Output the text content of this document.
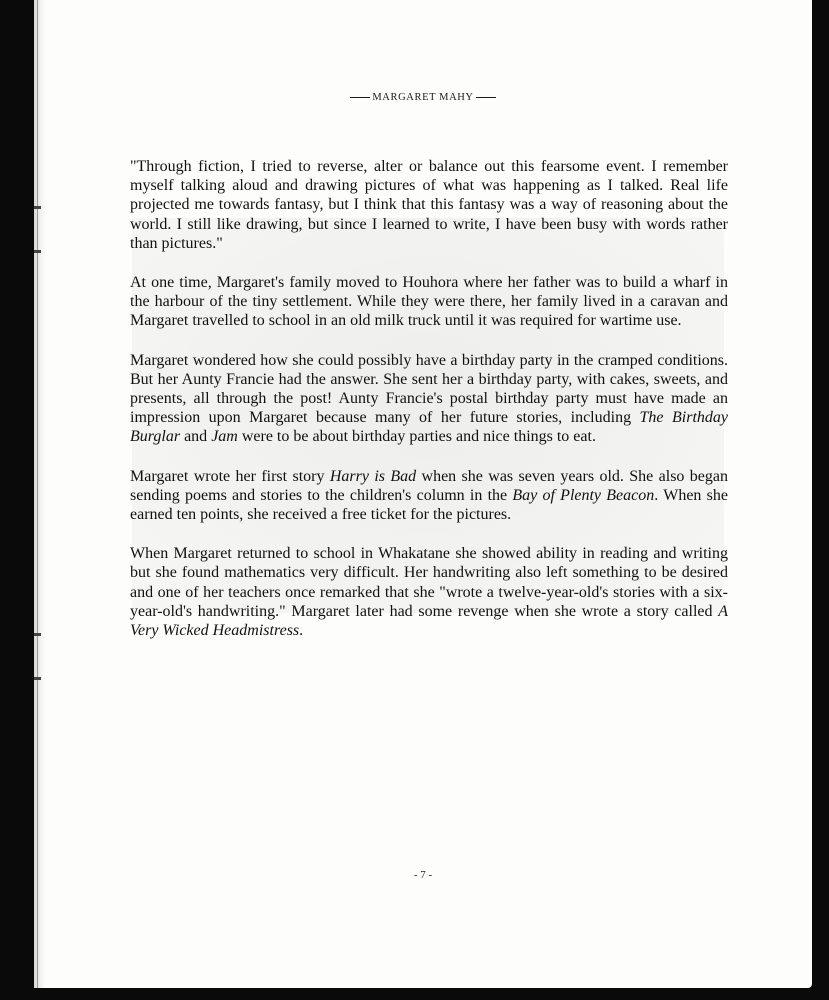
MARGARET MAHY

"Through fiction, I tried to reverse, alter or balance out this fearsome event. I remember myself talking aloud and drawing pictures of what was happening as I talked. Real life projected me towards fantasy, but I think that this fantasy was a way of reasoning about the world. I still like drawing, but since I learned to write, I have been busy with words rather than pictures."

At one time, Margaret's family moved to Houhora where her father was to build a wharf in the harbour of the tiny settlement. While they were there, her family lived in a caravan and Margaret travelled to school in an old milk truck until it was required for wartime use.

Margaret wondered how she could possibly have a birthday party in the cramped conditions. But her Aunty Francie had the answer. She sent her a birthday party, with cakes, sweets, and presents, all through the post! Aunty Francie's postal birthday party must have made an impression upon Margaret because many of her future stories, including The Birthday Burglar and Jam were to be about birthday parties and nice things to eat.

Margaret wrote her first story Harry is Bad when she was seven years old. She also began sending poems and stories to the children's column in the Bay of Plenty Beacon. When she earned ten points, she received a free ticket for the pictures.

When Margaret returned to school in Whakatane she showed ability in reading and writing but she found mathematics very difficult. Her handwriting also left something to be desired and one of her teachers once remarked that she "wrote a twelve-year-old's stories with a six-year-old's handwriting." Margaret later had some revenge when she wrote a story called A Very Wicked Headmistress.

- 7 -
